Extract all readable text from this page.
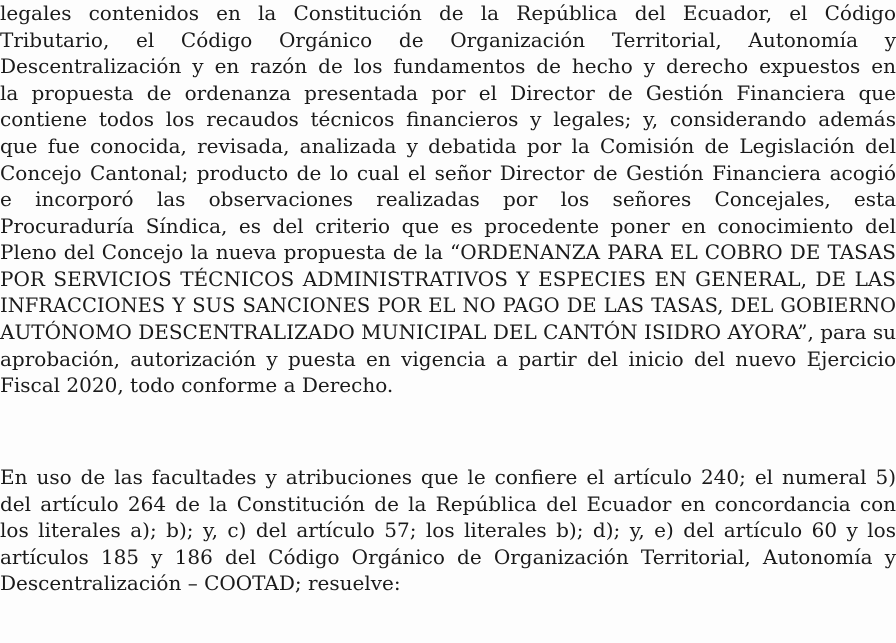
legales contenidos en la Constitución de la República del Ecuador, el Código
Tributario, el Código Orgánico de Organización Territorial, Autonomía y
Descentralización y en razón de los fundamentos de hecho y derecho expuestos en
la propuesta de ordenanza presentada por el Director de Gestión Financiera que
contiene todos los recaudos técnicos financieros y legales; y, considerando además
que fue conocida, revisada, analizada y debatida por la Comisión de Legislación del
Concejo Cantonal; producto de lo cual el señor Director de Gestión Financiera acogió
e incorporó las observaciones realizadas por los señores Concejales, esta
Procuraduría Síndica, es del criterio que es procedente poner en conocimiento del
Pleno del Concejo la nueva propuesta de la “ORDENANZA PARA EL COBRO DE TASAS
POR SERVICIOS TÉCNICOS ADMINISTRATIVOS Y ESPECIES EN GENERAL, DE LAS
INFRACCIONES Y SUS SANCIONES POR EL NO PAGO DE LAS TASAS, DEL GOBIERNO
AUTÓNOMO DESCENTRALIZADO MUNICIPAL DEL CANTÓN ISIDRO AYORA”, para su
aprobación, autorización y puesta en vigencia a partir del inicio del nuevo Ejercicio
Fiscal 2020, todo conforme a Derecho.
En uso de las facultades y atribuciones que le confiere el artículo 240; el numeral 5)
del artículo 264 de la Constitución de la República del Ecuador en concordancia con
los literales a); b); y, c) del artículo 57; los literales b); d); y, e) del artículo 60 y los
artículos 185 y 186 del Código Orgánico de Organización Territorial, Autonomía y
Descentralización – COOTAD; resuelve:
